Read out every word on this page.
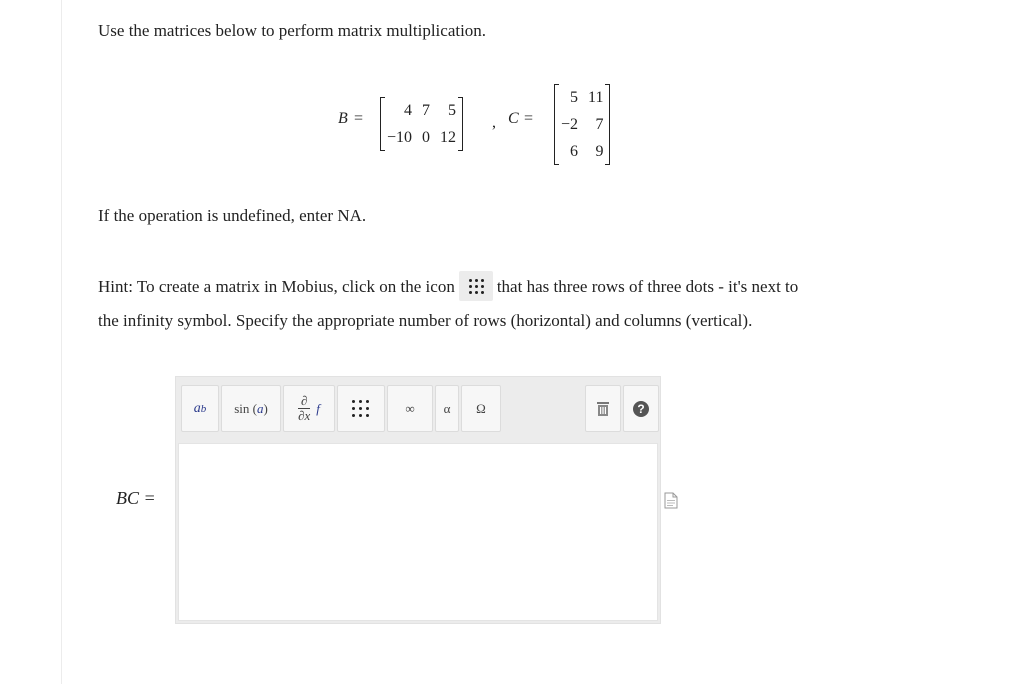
Use the matrices below to perform matrix multiplication.

B =	4 7	5
−10 0 12
, C =
5 11
−2	7
6	9

If the operation is undefined, enter NA.

Hint: To create a matrix in Mobius, click on the icon that has three rows of three dots - it's next to
the infinity symbol. Specify the appropriate number of rows (horizontal) and columns (vertical).

BC =
a b sin ( a )	∂
∂x f	∞ α Ω	?
